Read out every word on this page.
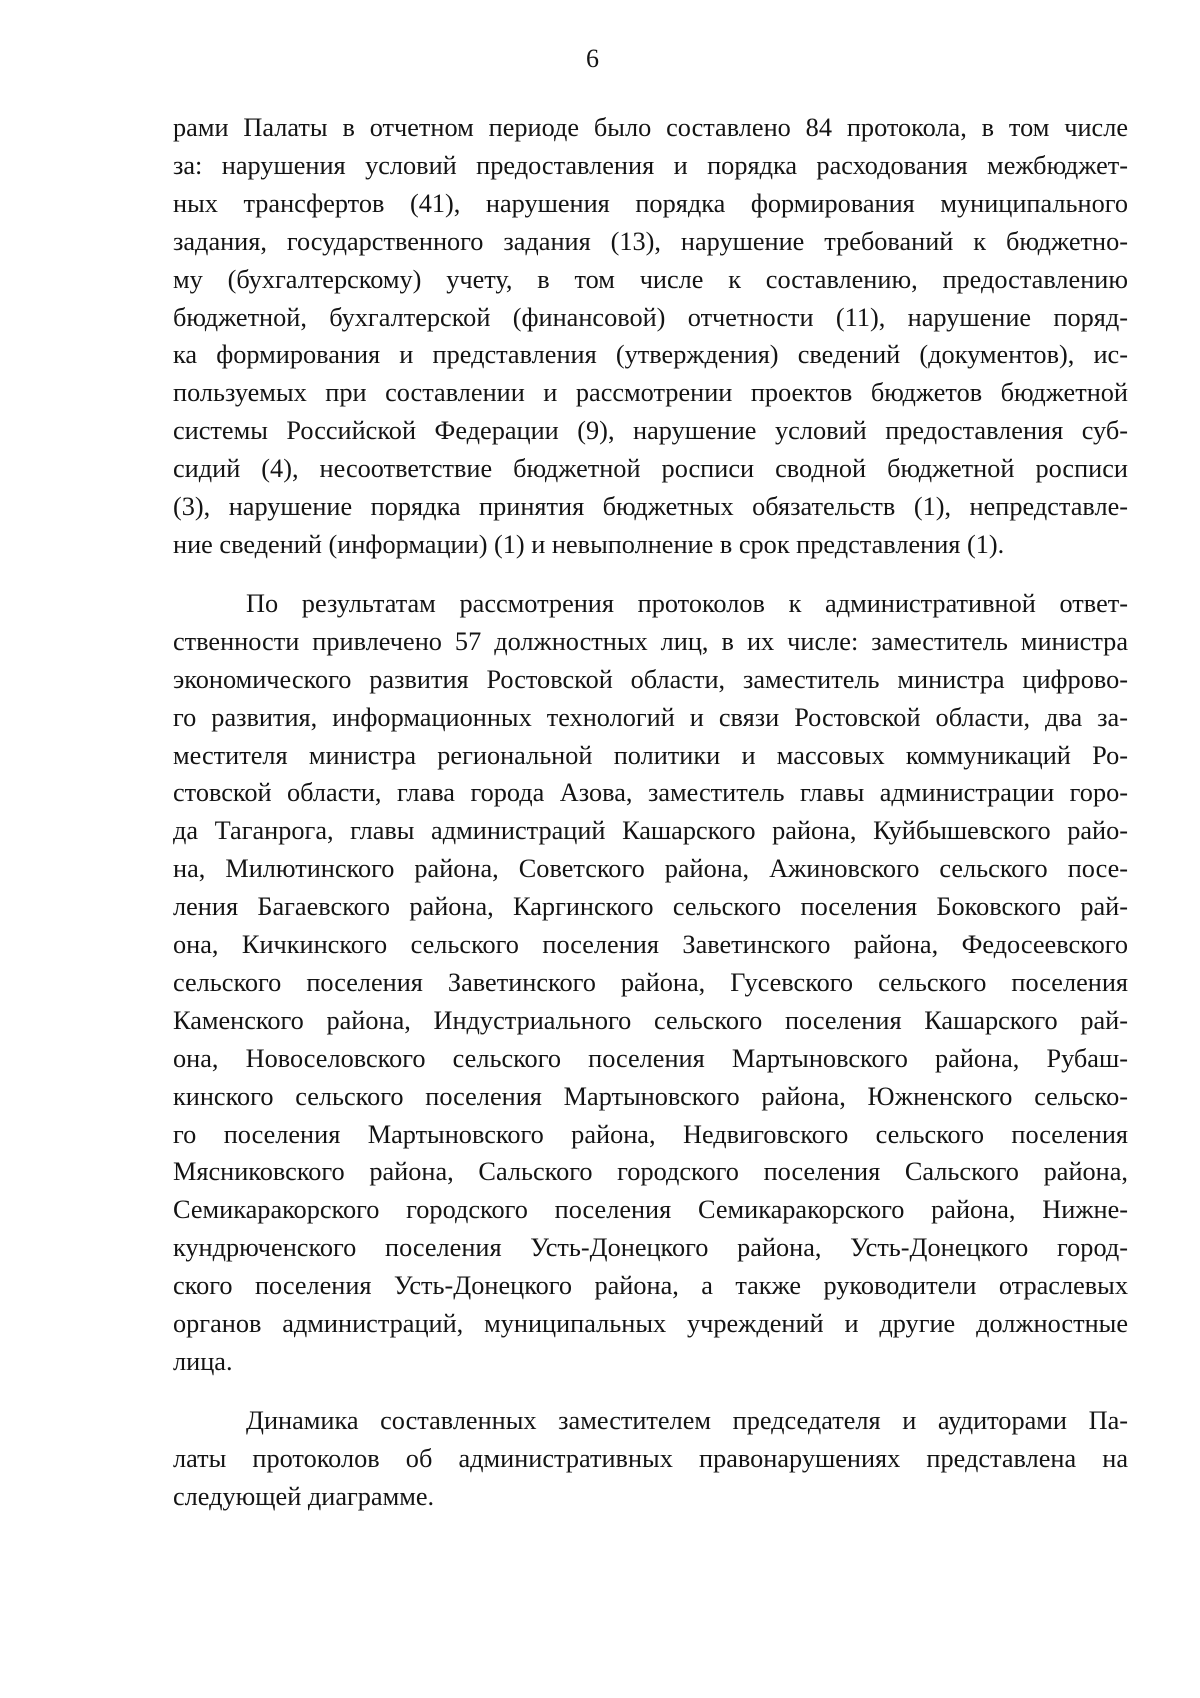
6
рами Палаты в отчетном периоде было составлено 84 протокола, в том числе
за: нарушения условий предоставления и порядка расходования межбюджет-
ных трансфертов (41), нарушения порядка формирования муниципального
задания, государственного задания (13), нарушение требований к бюджетно-
му (бухгалтерскому) учету, в том числе к составлению, предоставлению
бюджетной, бухгалтерской (финансовой) отчетности (11), нарушение поряд-
ка формирования и представления (утверждения) сведений (документов), ис-
пользуемых при составлении и рассмотрении проектов бюджетов бюджетной
системы Российской Федерации (9), нарушение условий предоставления суб-
сидий (4), несоответствие бюджетной росписи сводной бюджетной росписи
(3), нарушение порядка принятия бюджетных обязательств (1), непредставле-
ние сведений (информации) (1) и невыполнение в срок представления (1).
По результатам рассмотрения протоколов к административной ответ-
ственности привлечено 57 должностных лиц, в их числе: заместитель министра
экономического развития Ростовской области, заместитель министра цифрово-
го развития, информационных технологий и связи Ростовской области, два за-
местителя министра региональной политики и массовых коммуникаций Ро-
стовской области, глава города Азова, заместитель главы администрации горо-
да Таганрога, главы администраций Кашарского района, Куйбышевского райо-
на, Милютинского района, Советского района, Ажиновского сельского посе-
ления Багаевского района, Каргинского сельского поселения Боковского рай-
она, Кичкинского сельского поселения Заветинского района, Федосеевского
сельского поселения Заветинского района, Гусевского сельского поселения
Каменского района, Индустриального сельского поселения Кашарского рай-
она, Новоселовского сельского поселения Мартыновского района, Рубаш-
кинского сельского поселения Мартыновского района, Южненского сельско-
го поселения Мартыновского района, Недвиговского сельского поселения
Мясниковского района, Сальского городского поселения Сальского района,
Семикаракорского городского поселения Семикаракорского района, Нижне-
кундрюченского поселения Усть-Донецкого района, Усть-Донецкого город-
ского поселения Усть-Донецкого района, а также руководители отраслевых
органов администраций, муниципальных учреждений и другие должностные
лица.
Динамика составленных заместителем председателя и аудиторами Па-
латы протоколов об административных правонарушениях представлена на
следующей диаграмме.
